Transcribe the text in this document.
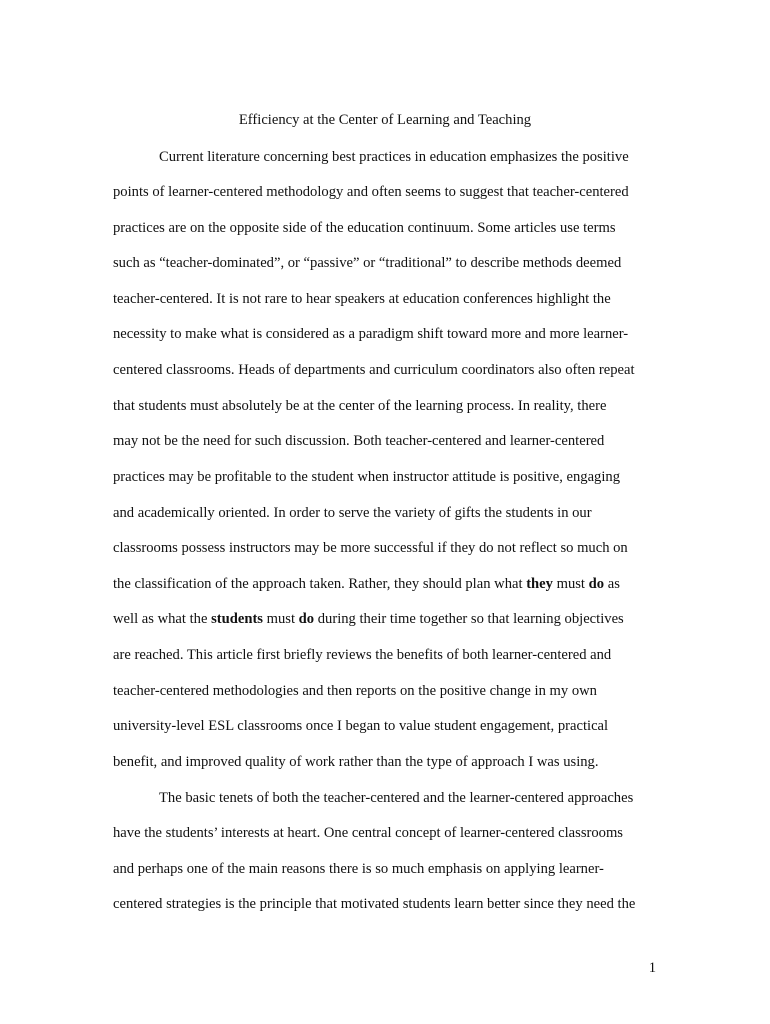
Efficiency at the Center of Learning and Teaching
Current literature concerning best practices in education emphasizes the positive
points of learner-centered methodology and often seems to suggest that teacher-centered
practices are on the opposite side of the education continuum. Some articles use terms
such as “teacher-dominated”, or “passive” or “traditional” to describe methods deemed
teacher-centered. It is not rare to hear speakers at education conferences highlight the
necessity to make what is considered as a paradigm shift toward more and more learner-
centered classrooms. Heads of departments and curriculum coordinators also often repeat
that students must absolutely be at the center of the learning process. In reality, there
may not be the need for such discussion. Both teacher-centered and learner-centered
practices may be profitable to the student when instructor attitude is positive, engaging
and academically oriented. In order to serve the variety of gifts the students in our
classrooms possess instructors may be more successful if they do not reflect so much on
the classification of the approach taken. Rather, they should plan what they must do as
well as what the students must do during their time together so that learning objectives
are reached. This article first briefly reviews the benefits of both learner-centered and
teacher-centered methodologies and then reports on the positive change in my own
university-level ESL classrooms once I began to value student engagement, practical
benefit, and improved quality of work rather than the type of approach I was using.
The basic tenets of both the teacher-centered and the learner-centered approaches
have the students’ interests at heart. One central concept of learner-centered classrooms
and perhaps one of the main reasons there is so much emphasis on applying learner-
centered strategies is the principle that motivated students learn better since they need the
1
